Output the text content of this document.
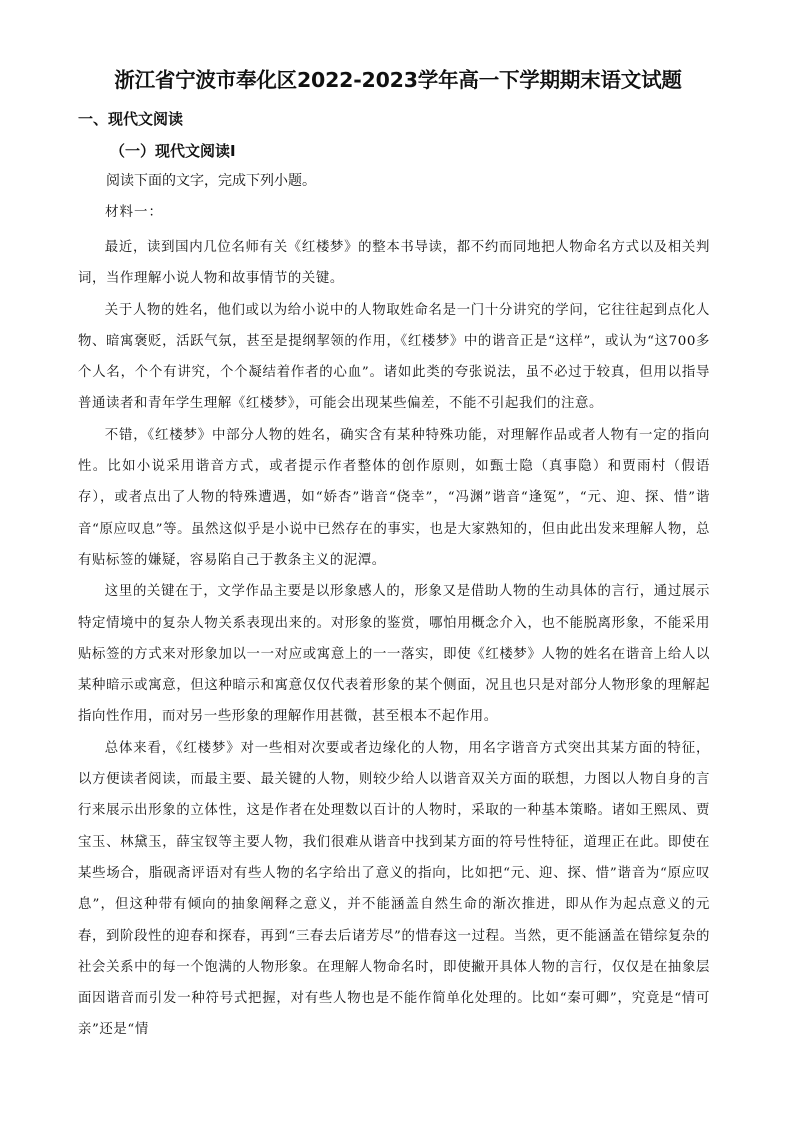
浙江省宁波市奉化区2022-2023学年高一下学期期末语文试题
一、现代文阅读
（一）现代文阅读Ⅰ
阅读下面的文字，完成下列小题。
材料一：

最近，读到国内几位名师有关《红楼梦》的整本书导读，都不约而同地把人物命名方式以及相关判词，当作理解小说人物和故事情节的关键。

关于人物的姓名，他们或以为给小说中的人物取姓命名是一门十分讲究的学问，它往往起到点化人物、暗寓褒贬，活跃气氛，甚至是提纲挈领的作用，《红楼梦》中的谐音正是“这样”，或认为“这700多个人名，个个有讲究，个个凝结着作者的心血”。诸如此类的夸张说法，虽不必过于较真，但用以指导普通读者和青年学生理解《红楼梦》，可能会出现某些偏差，不能不引起我们的注意。

不错，《红楼梦》中部分人物的姓名，确实含有某种特殊功能，对理解作品或者人物有一定的指向性。比如小说采用谐音方式，或者提示作者整体的创作原则，如甄士隐（真事隐）和贾雨村（假语存），或者点出了人物的特殊遭遇，如“娇杏”谐音“侥幸”，“冯渊”谐音“逢冤”，“元、迎、探、惜”谐音“原应叹息”等。虽然这似乎是小说中已然存在的事实，也是大家熟知的，但由此出发来理解人物，总有贴标签的嫌疑，容易陷自己于教条主义的泥潭。

这里的关键在于，文学作品主要是以形象感人的，形象又是借助人物的生动具体的言行，通过展示特定情境中的复杂人物关系表现出来的。对形象的鉴赏，哪怕用概念介入，也不能脱离形象，不能采用贴标签的方式来对形象加以一一对应或寓意上的一一落实，即使《红楼梦》人物的姓名在谐音上给人以某种暗示或寓意，但这种暗示和寓意仅仅代表着形象的某个侧面，况且也只是对部分人物形象的理解起指向性作用，而对另一些形象的理解作用甚微，甚至根本不起作用。

总体来看，《红楼梦》对一些相对次要或者边缘化的人物，用名字谐音方式突出其某方面的特征，以方便读者阅读，而最主要、最关键的人物，则较少给人以谐音双关方面的联想，力图以人物自身的言行来展示出形象的立体性，这是作者在处理数以百计的人物时，采取的一种基本策略。诸如王熙凤、贾宝玉、林黛玉，薛宝钗等主要人物，我们很难从谐音中找到某方面的符号性特征，道理正在此。即使在某些场合，脂砚斋评语对有些人物的名字给出了意义的指向，比如把“元、迎、探、惜”谐音为“原应叹息”，但这种带有倾向的抽象阐释之意义，并不能涵盖自然生命的渐次推进，即从作为起点意义的元春，到阶段性的迎春和探春，再到“三春去后诸芳尽”的惜春这一过程。当然，更不能涵盖在错综复杂的社会关系中的每一个饱满的人物形象。在理解人物命名时，即使撇开具体人物的言行，仅仅是在抽象层面因谐音而引发一种符号式把握，对有些人物也是不能作简单化处理的。比如“秦可卿”，究竟是“情可亲”还是“情
